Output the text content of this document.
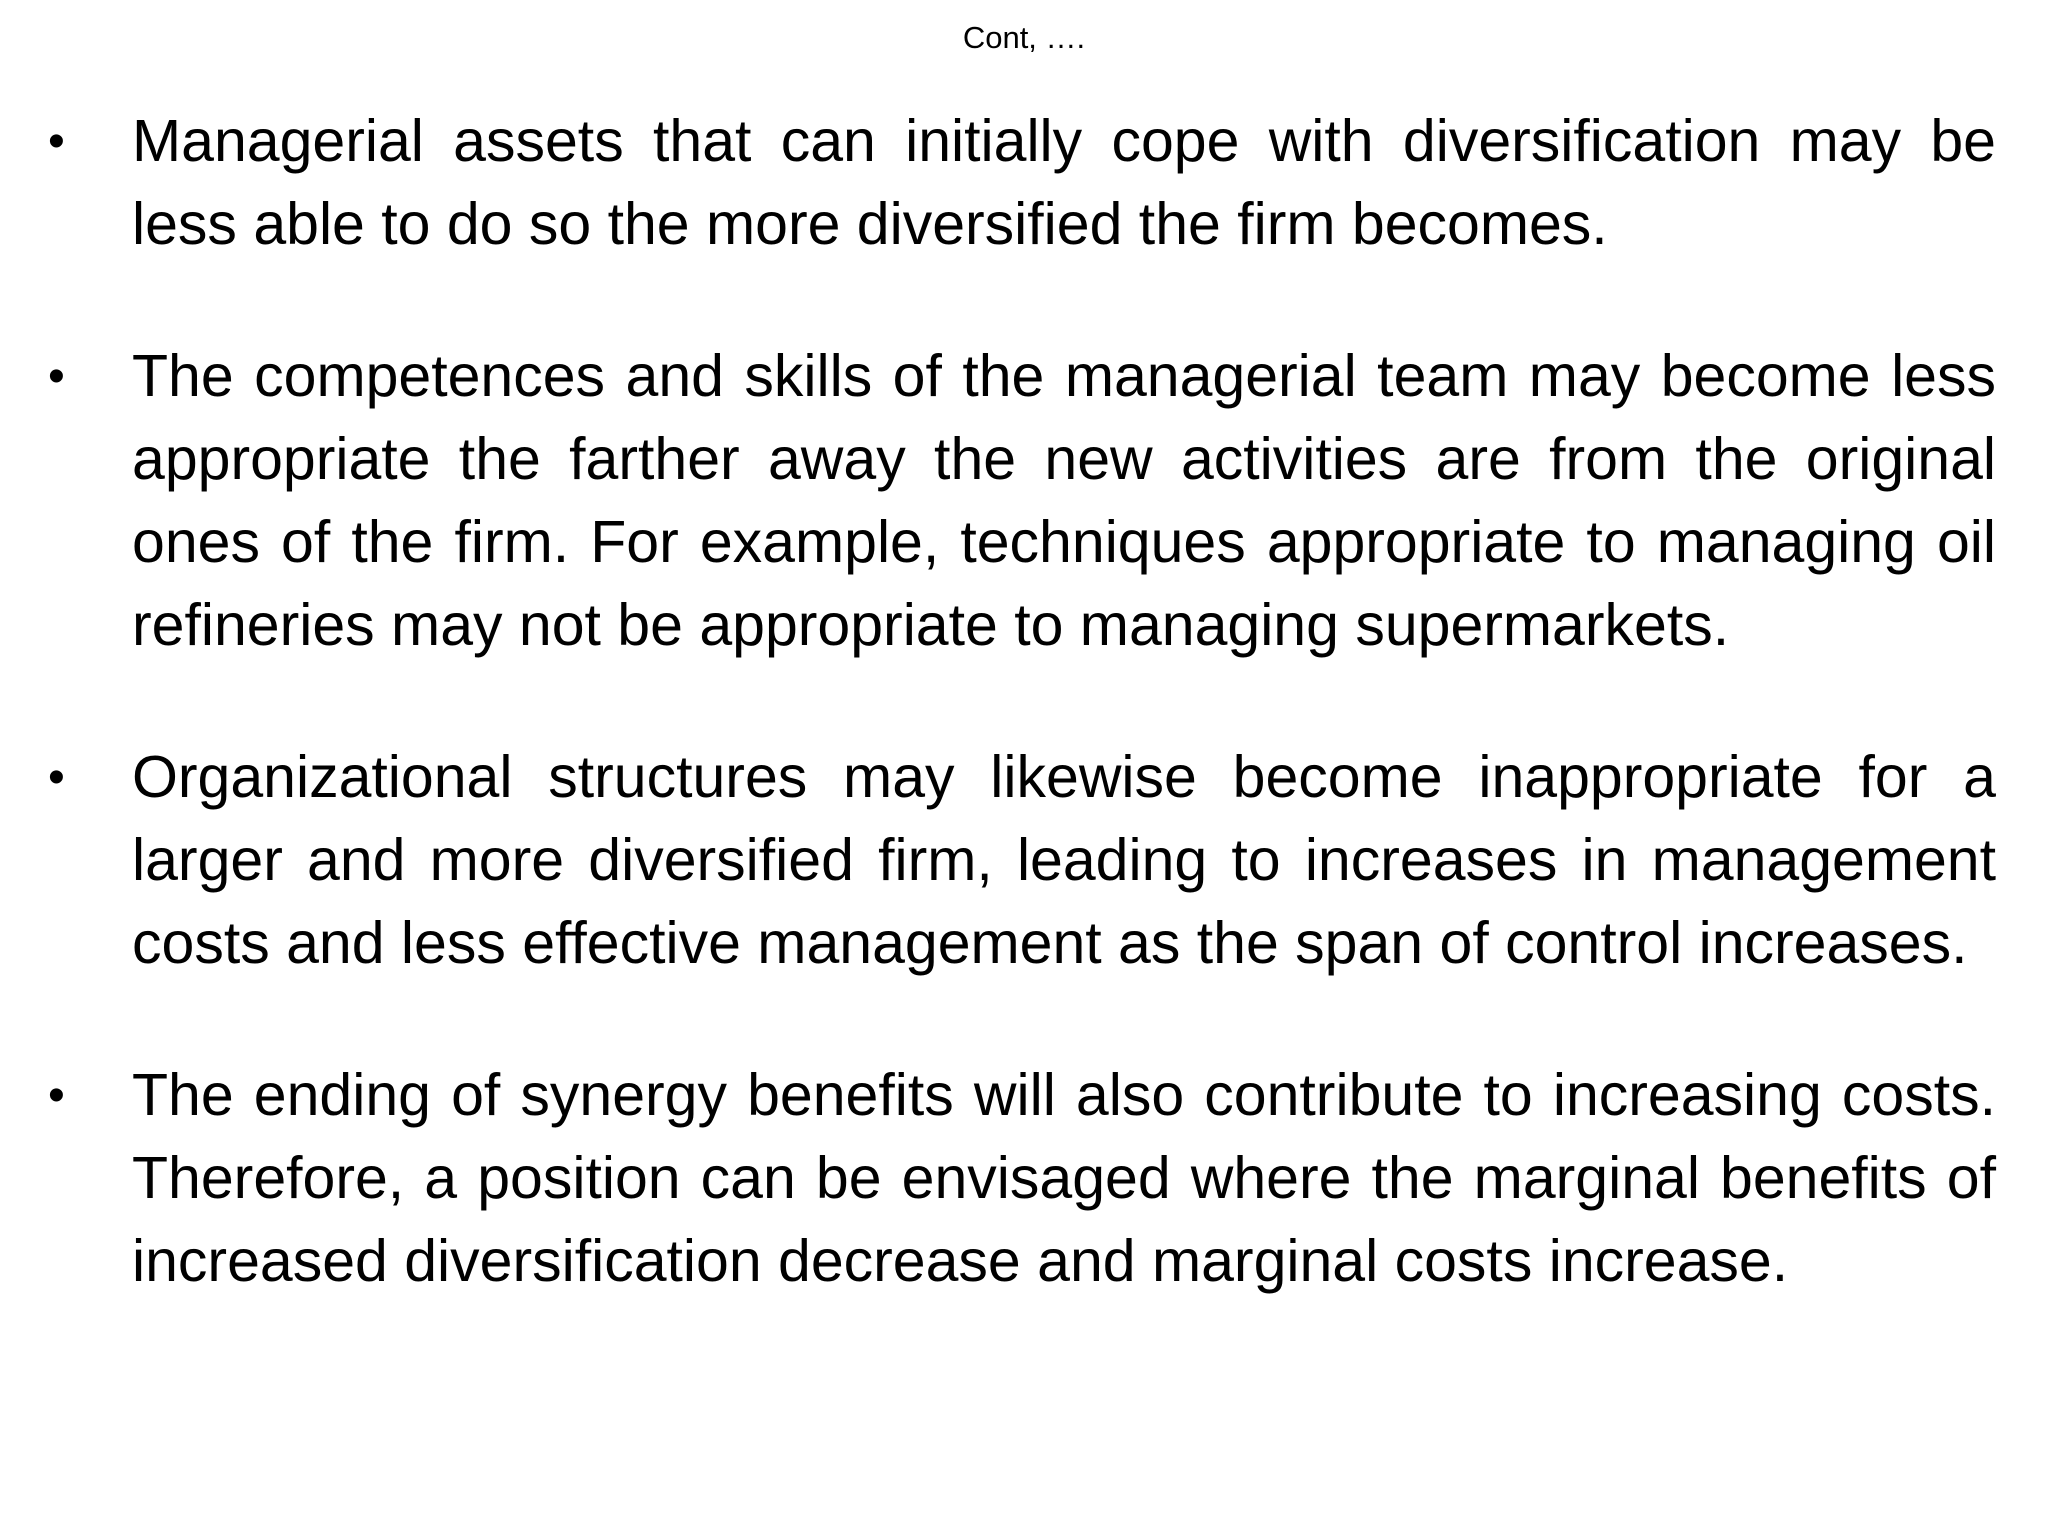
Cont, ….
• Managerial assets that can initially cope with diversification may be less able to do so the more diversified the firm becomes.
• The competences and skills of the managerial team may become less appropriate the farther away the new activities are from the original ones of the firm. For example, techniques appropriate to managing oil refineries may not be appropriate to managing supermarkets.
• Organizational structures may likewise become inappropriate for a larger and more diversified firm, leading to increases in management costs and less effective management as the span of control increases.
• The ending of synergy benefits will also contribute to increasing costs. Therefore, a position can be envisaged where the marginal benefits of increased diversification decrease and marginal costs increase.
